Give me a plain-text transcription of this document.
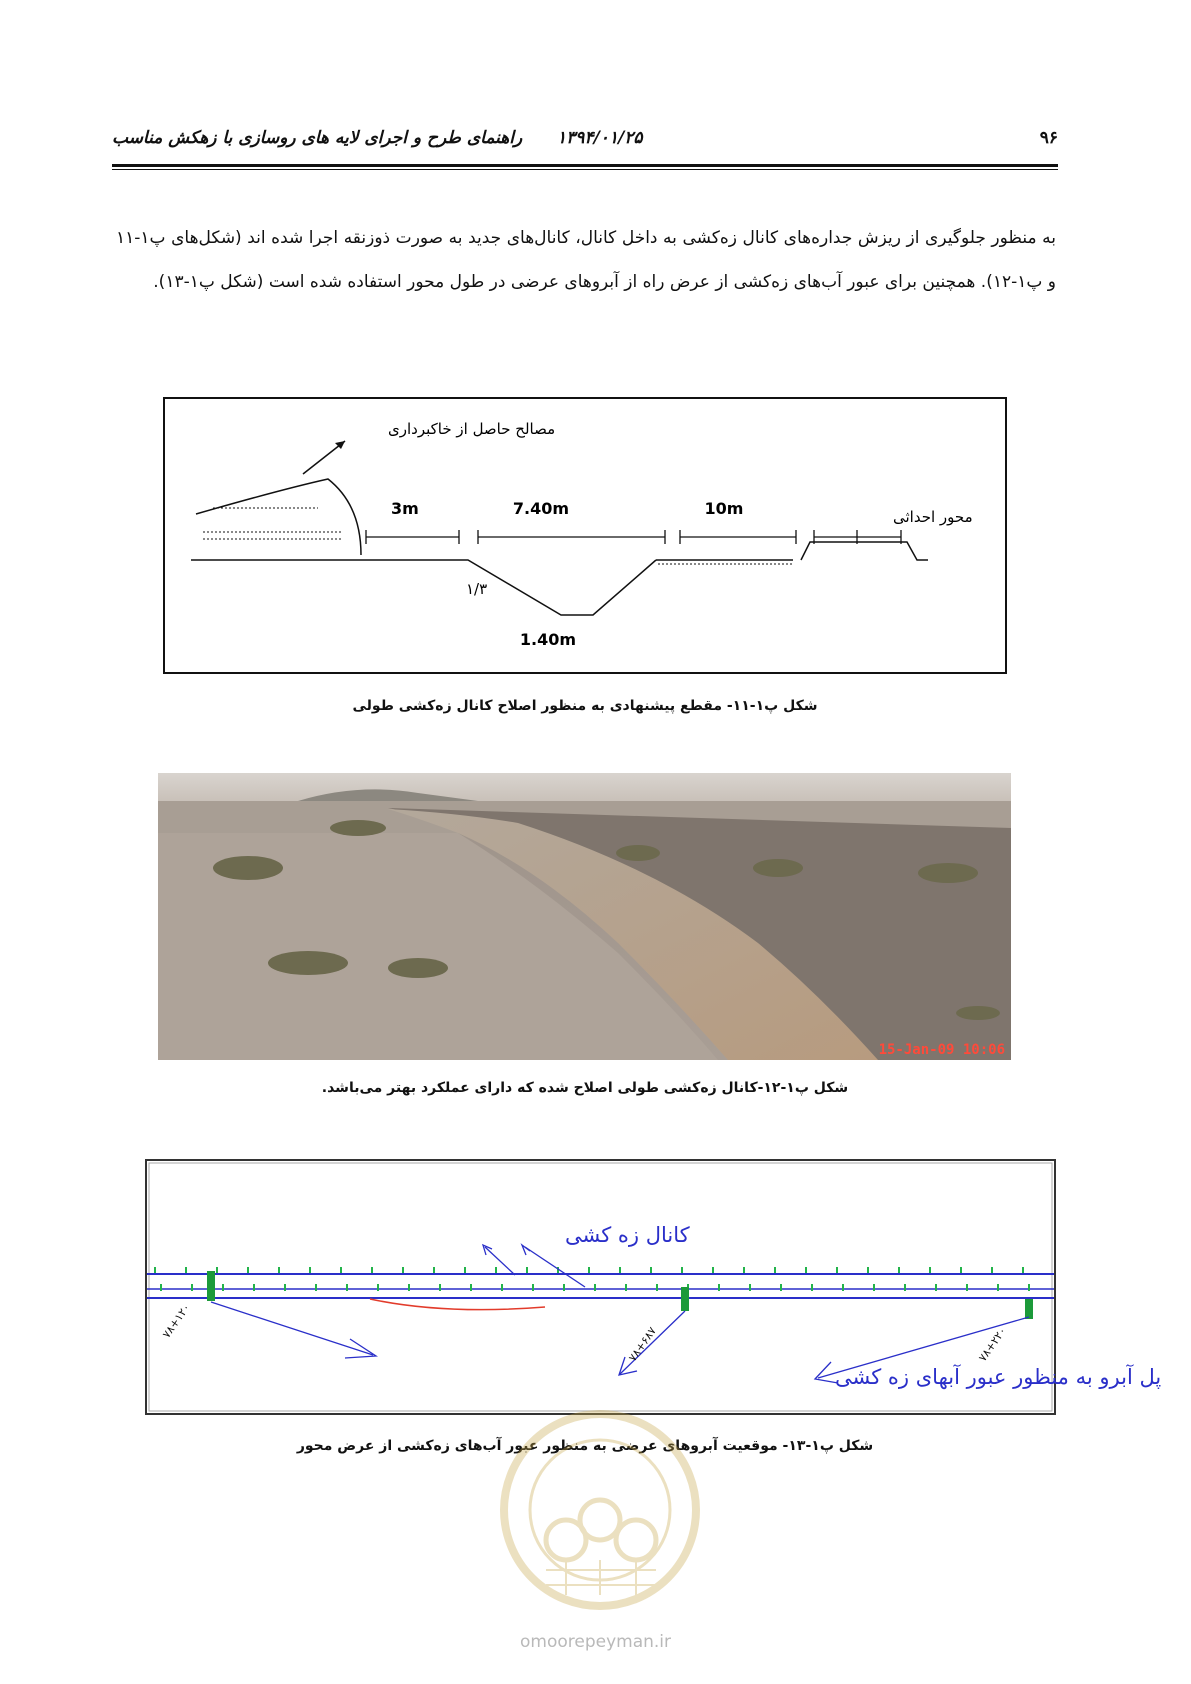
۹۶
۱۳۹۴/۰۱/۲۵
راهنمای طرح و اجرای لایه های روسازی با زهکش مناسب
به منظور جلوگیری از ریزش جداره‌های کانال زه‌کشی به داخل کانال، کانال‌های جدید به صورت ذوزنقه اجرا شده اند (شکل‌های پ۱-۱۱ و پ۱-۱۲). همچنین برای عبور آب‌های زه‌کشی از عرض راه از آبروهای عرضی در طول محور استفاده شده است (شکل پ۱-۱۳).
مصالح حاصل از خاکبرداری
3m	7.40m	10m	محور احداثی
۱/۳
1.40m
شکل پ۱-۱۱- مقطع پیشنهادی به منظور اصلاح کانال زه‌کشی طولی
15-Jan-09 10:06
شکل پ۱-۱۲-کانال زه‌کشی طولی اصلاح شده که دارای عملکرد بهتر می‌باشد.
کانال زه کشی
پل آبرو به منظور عبور آبهای زه کشی
۷۸+۱۲۰
۷۸+۶۸۷	۷۸+۲۲۰
شکل پ۱-۱۳- موقعیت آبروهای عرضی به منظور عبور آب‌های زه‌کشی از عرض محور
omoorepeyman.ir
